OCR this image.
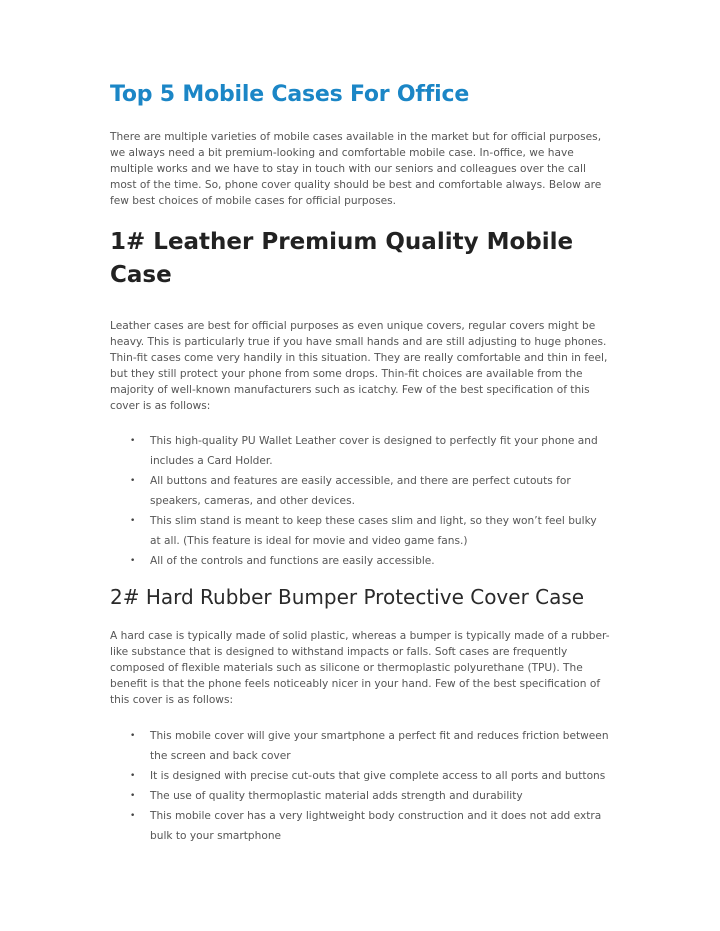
Top 5 Mobile Cases For Office

There are multiple varieties of mobile cases available in the market but for official purposes, we always need a bit premium-looking and comfortable mobile case. In-office, we have multiple works and we have to stay in touch with our seniors and colleagues over the call most of the time. So, phone cover quality should be best and comfortable always. Below are few best choices of mobile cases for official purposes.

1# Leather Premium Quality Mobile Case

Leather cases are best for official purposes as even unique covers, regular covers might be heavy. This is particularly true if you have small hands and are still adjusting to huge phones. Thin-fit cases come very handily in this situation. They are really comfortable and thin in feel, but they still protect your phone from some drops. Thin-fit choices are available from the majority of well-known manufacturers such as icatchy. Few of the best specification of this cover is as follows:

• This high-quality PU Wallet Leather cover is designed to perfectly fit your phone and includes a Card Holder.
• All buttons and features are easily accessible, and there are perfect cutouts for speakers, cameras, and other devices.
• This slim stand is meant to keep these cases slim and light, so they won’t feel bulky at all. (This feature is ideal for movie and video game fans.)
• All of the controls and functions are easily accessible.
2# Hard Rubber Bumper Protective Cover Case

A hard case is typically made of solid plastic, whereas a bumper is typically made of a rubber-like substance that is designed to withstand impacts or falls. Soft cases are frequently composed of flexible materials such as silicone or thermoplastic polyurethane (TPU). The benefit is that the phone feels noticeably nicer in your hand. Few of the best specification of this cover is as follows:

• This mobile cover will give your smartphone a perfect fit and reduces friction between the screen and back cover
• It is designed with precise cut-outs that give complete access to all ports and buttons
• The use of quality thermoplastic material adds strength and durability
• This mobile cover has a very lightweight body construction and it does not add extra bulk to your smartphone
